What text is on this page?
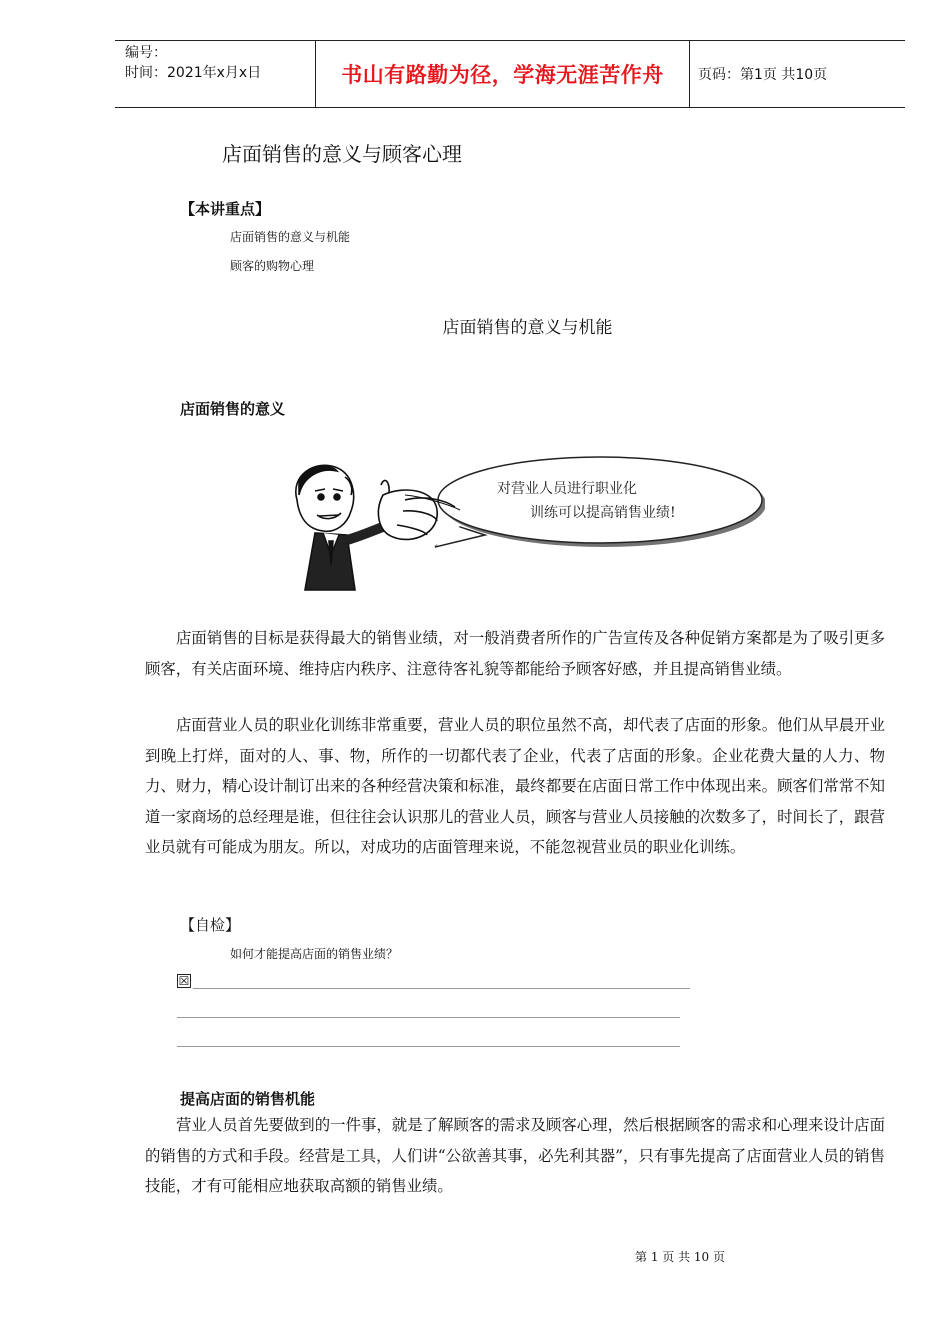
编号：
时间：2021年x月x日	书山有路勤为径，学海无涯苦作舟	页码：第1页 共10页
店面销售的意义与顾客心理
【本讲重点】
店面销售的意义与机能
顾客的购物心理
店面销售的意义与机能
店面销售的意义
对营业人员进行职业化
训练可以提高销售业绩!
店面销售的目标是获得最大的销售业绩，对一般消费者所作的广告宣传及各种促销方案都是为了吸引更多顾客，有关店面环境、维持店内秩序、注意待客礼貌等都能给予顾客好感，并且提高销售业绩。
店面营业人员的职业化训练非常重要，营业人员的职位虽然不高，却代表了店面的形象。他们从早晨开业到晚上打烊，面对的人、事、物，所作的一切都代表了企业，代表了店面的形象。企业花费大量的人力、物力、财力，精心设计制订出来的各种经营决策和标准，最终都要在店面日常工作中体现出来。顾客们常常不知道一家商场的总经理是谁，但往往会认识那儿的营业人员，顾客与营业人员接触的次数多了，时间长了，跟营业员就有可能成为朋友。所以，对成功的店面管理来说，不能忽视营业员的职业化训练。
【自检】
如何才能提高店面的销售业绩？
☒
提高店面的销售机能
营业人员首先要做到的一件事，就是了解顾客的需求及顾客心理，然后根据顾客的需求和心理来设计店面的销售的方式和手段。经营是工具，人们讲“公欲善其事，必先利其器”，只有事先提高了店面营业人员的销售技能，才有可能相应地获取高额的销售业绩。
第 1 页 共 10 页
